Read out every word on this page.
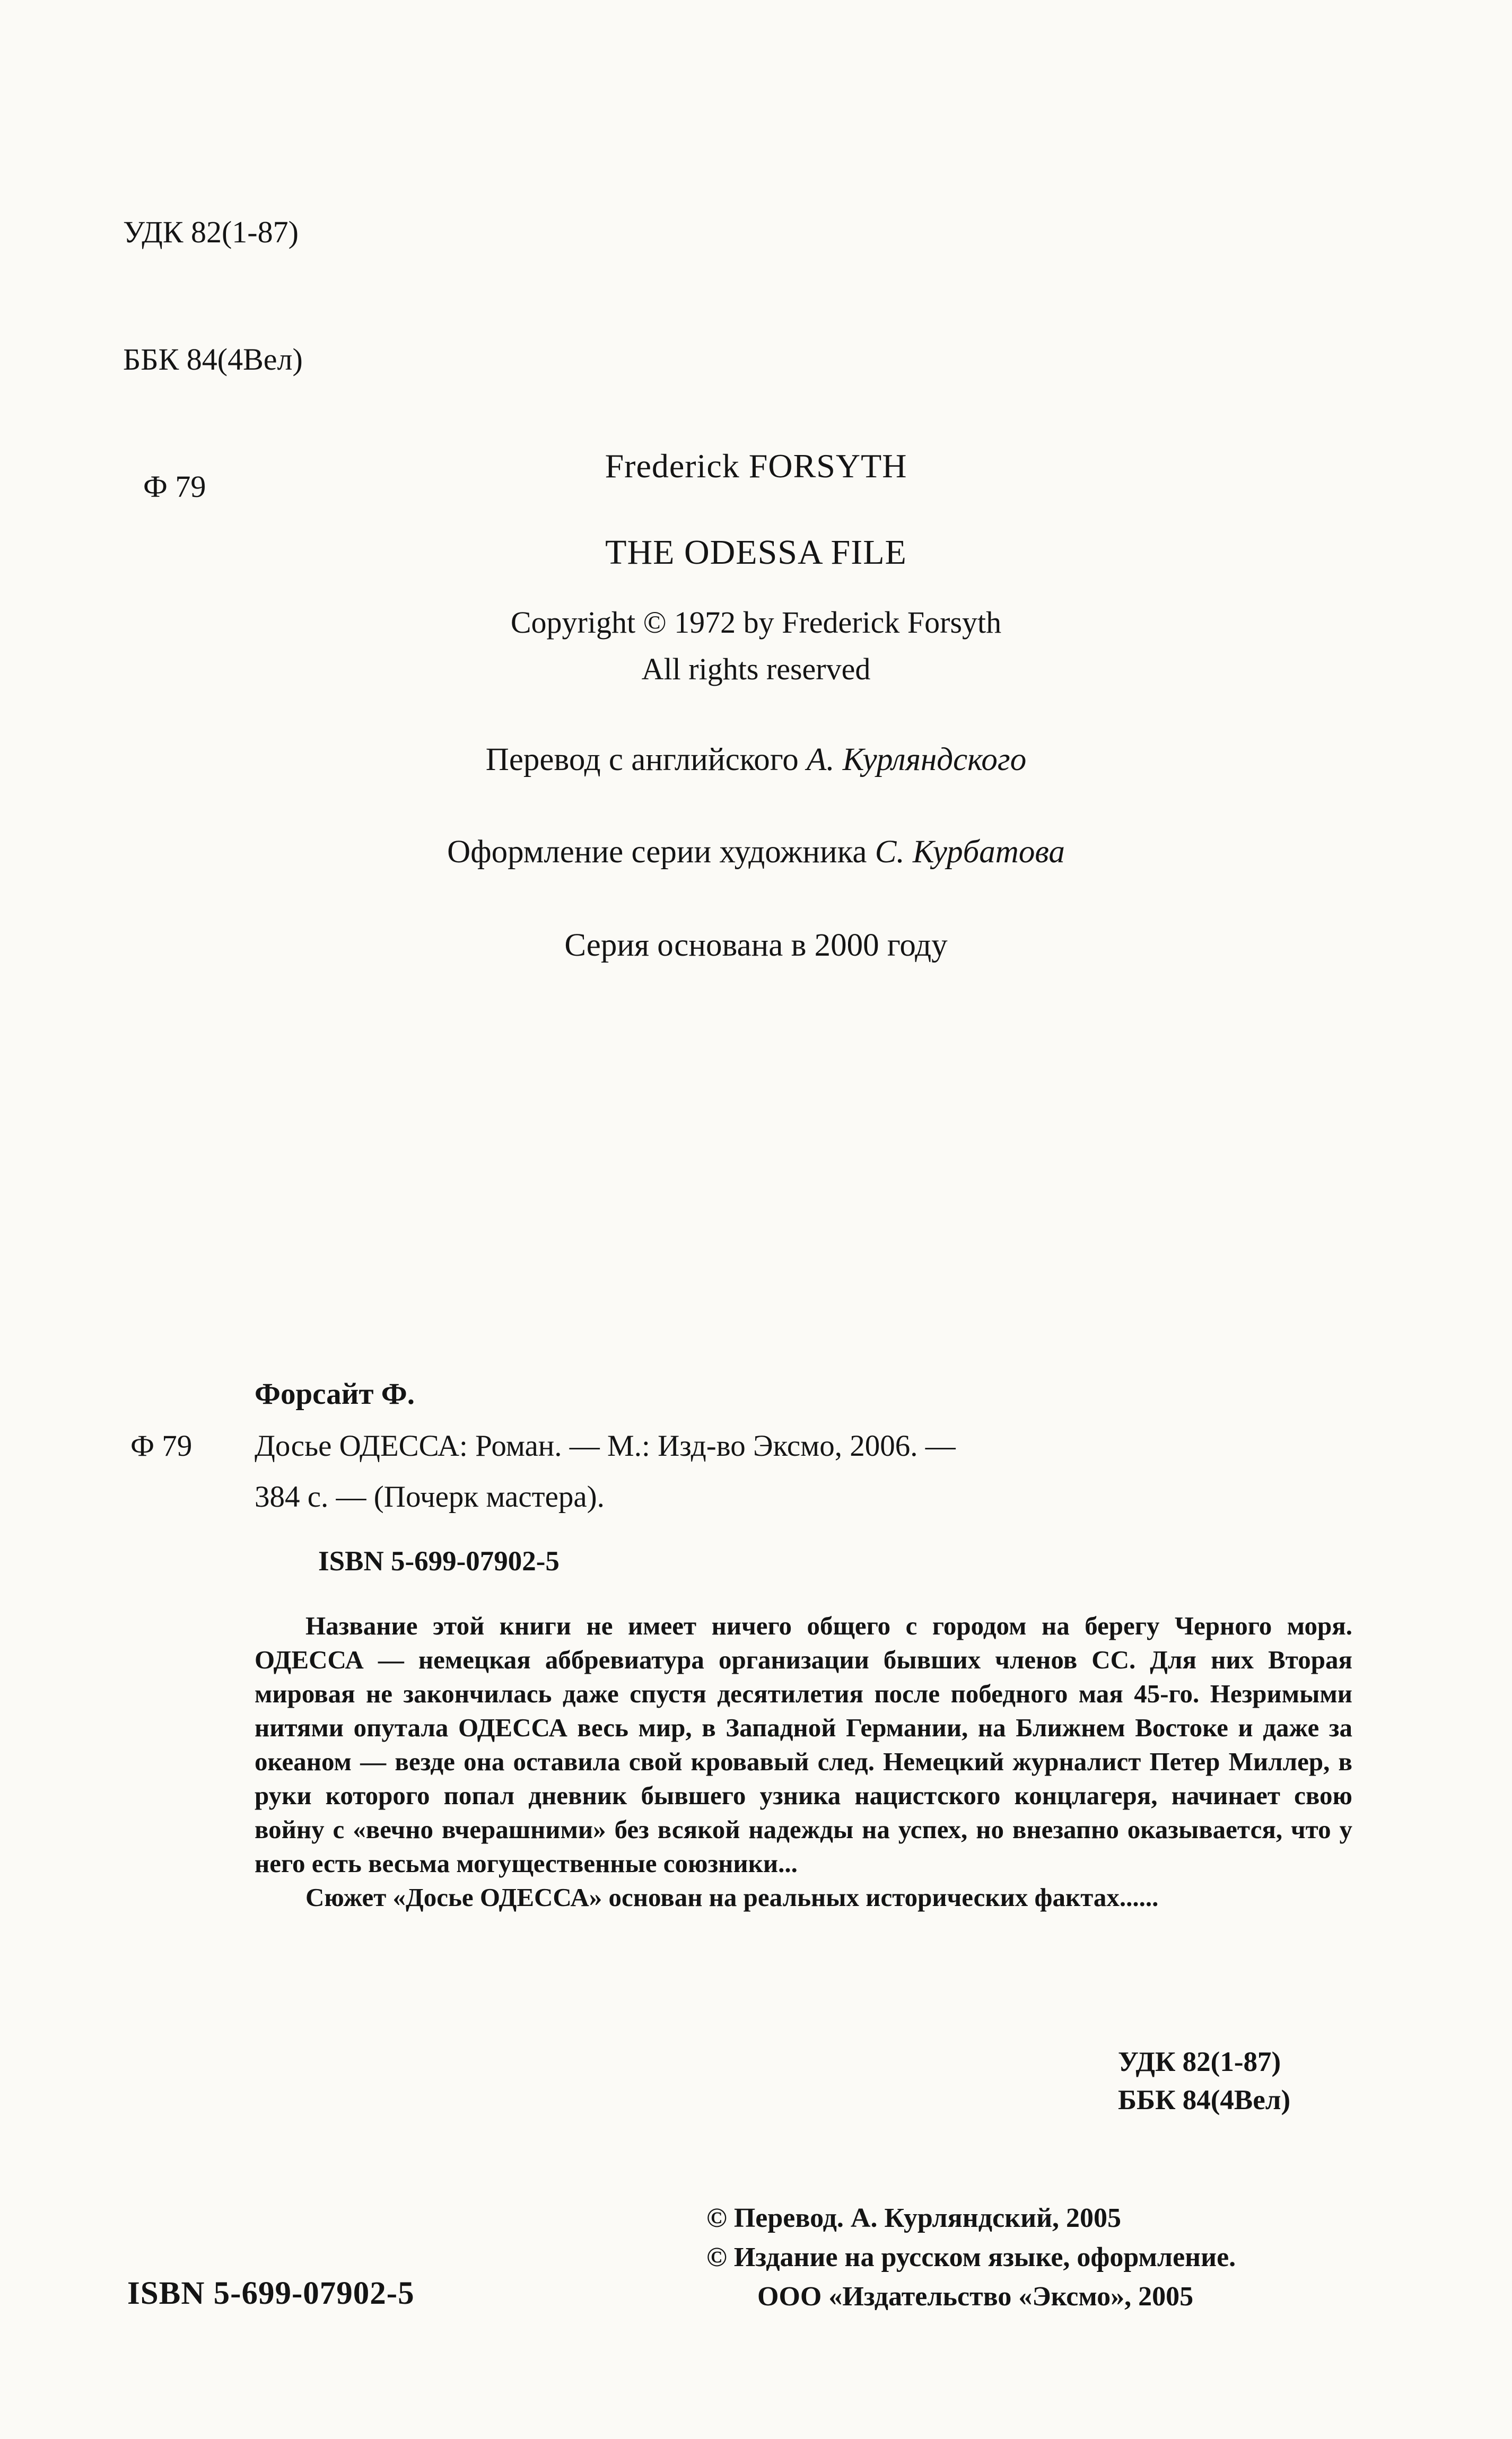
УДК 82(1-87)

ББК 84(4Вел)

Ф 79

Frederick FORSYTH
THE ODESSA FILE
Copyright © 1972 by Frederick Forsyth
All rights reserved
Перевод с английского А. Курляндского
Оформление серии художника С. Курбатова
Серия основана в 2000 году
Форсайт Ф.
Ф 79 Досье ОДЕССА: Роман. — М.: Изд-во Эксмо, 2006. —
384 с. — (Почерк мастера).
ISBN 5-699-07902-5

Название этой книги не имеет ничего общего с городом на берегу Черного моря. ОДЕССА — немецкая аббревиатура организации бывших членов СС. Для них Вторая мировая не закончилась даже спустя десятилетия после победного мая 45-го. Незримыми нитями опутала ОДЕССА весь мир, в Западной Германии, на Ближнем Востоке и даже за океаном — везде она оставила свой кровавый след. Немецкий журналист Петер Миллер, в руки которого попал дневник бывшего узника нацистского концлагеря, начинает свою войну с «вечно вчерашними» без всякой надежды на успех, но внезапно оказывается, что у него есть весьма могущественные союзники...

Сюжет «Досье ОДЕССА» основан на реальных исторических фактах......

УДК 82(1-87)
ББК 84(4Вел)
© Перевод. А. Курляндский, 2005
© Издание на русском языке, оформление.
ООО «Издательство «Эксмо», 2005
ISBN 5-699-07902-5
